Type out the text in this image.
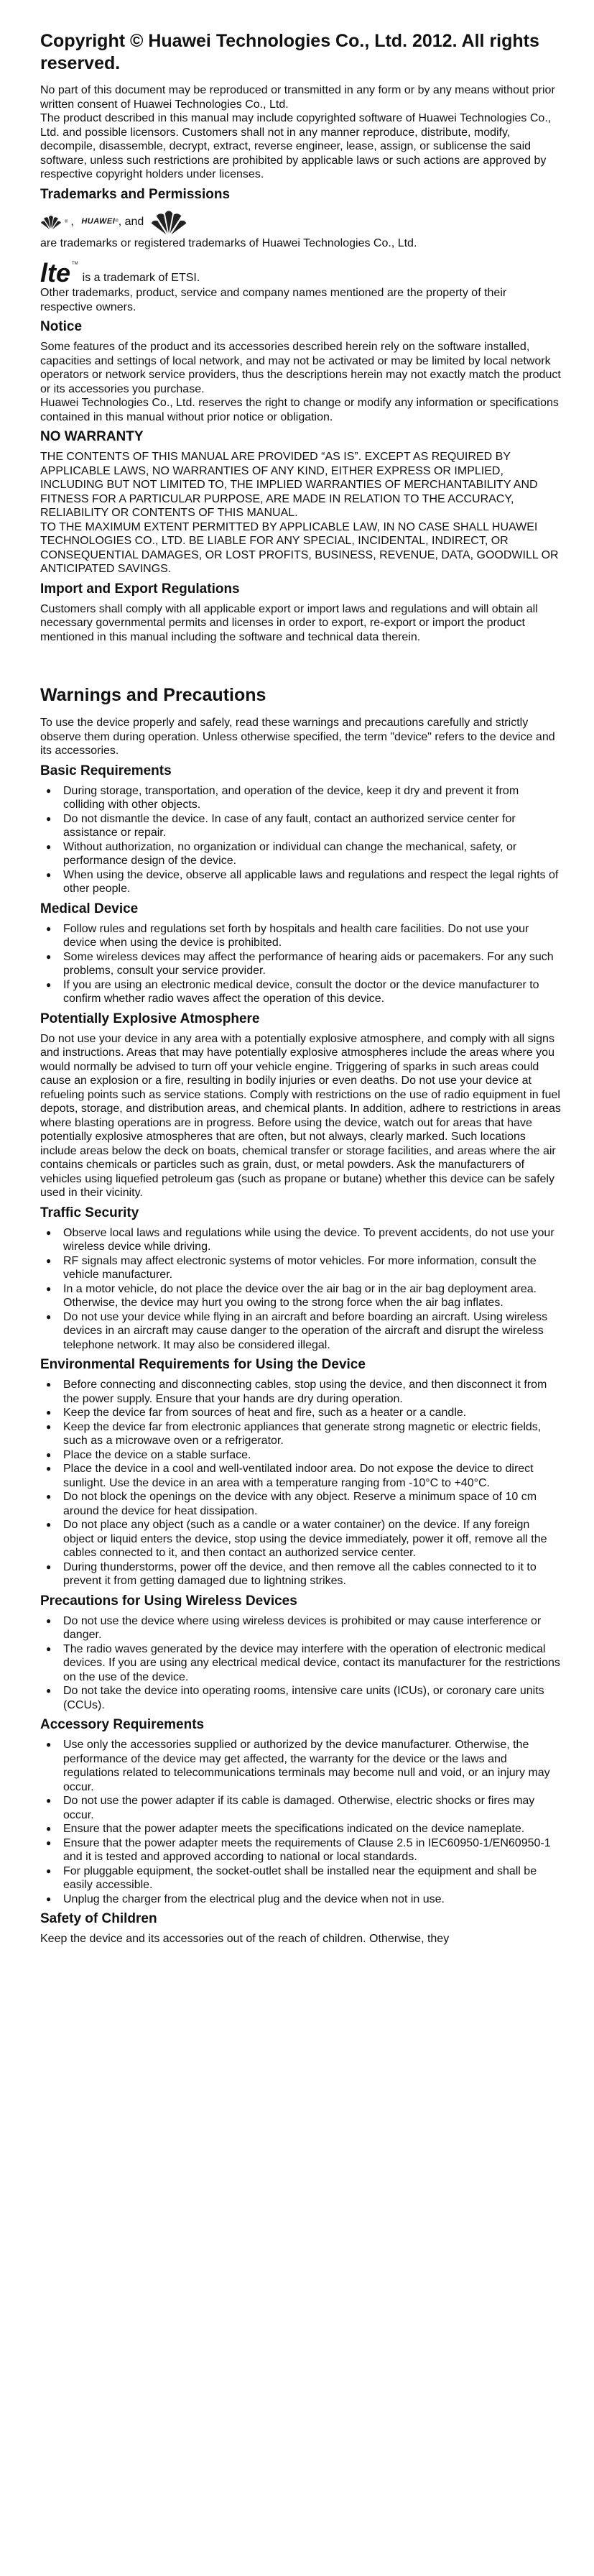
Copyright © Huawei Technologies Co., Ltd. 2012. All rights reserved.

No part of this document may be reproduced or transmitted in any form or by any means without prior written consent of Huawei Technologies Co., Ltd.

The product described in this manual may include copyrighted software of Huawei Technologies Co., Ltd. and possible licensors. Customers shall not in any manner reproduce, distribute, modify, decompile, disassemble, decrypt, extract, reverse engineer, lease, assign, or sublicense the said software, unless such restrictions are prohibited by applicable laws or such actions are approved by respective copyright holders under licenses.

Trademarks and Permissions
® , HUAWEI ® , and

are trademarks or registered trademarks of Huawei Technologies Co., Ltd.
lte TM
is a trademark of ETSI.

Other trademarks, product, service and company names mentioned are the property of their respective owners.

Notice

Some features of the product and its accessories described herein rely on the software installed, capacities and settings of local network, and may not be activated or may be limited by local network operators or network service providers, thus the descriptions herein may not exactly match the product or its accessories you purchase.

Huawei Technologies Co., Ltd. reserves the right to change or modify any information or specifications contained in this manual without prior notice or obligation.

NO WARRANTY

THE CONTENTS OF THIS MANUAL ARE PROVIDED “AS IS”. EXCEPT AS REQUIRED BY APPLICABLE LAWS, NO WARRANTIES OF ANY KIND, EITHER EXPRESS OR IMPLIED, INCLUDING BUT NOT LIMITED TO, THE IMPLIED WARRANTIES OF MERCHANTABILITY AND FITNESS FOR A PARTICULAR PURPOSE, ARE MADE IN RELATION TO THE ACCURACY, RELIABILITY OR CONTENTS OF THIS MANUAL.

TO THE MAXIMUM EXTENT PERMITTED BY APPLICABLE LAW, IN NO CASE SHALL HUAWEI TECHNOLOGIES CO., LTD. BE LIABLE FOR ANY SPECIAL, INCIDENTAL, INDIRECT, OR CONSEQUENTIAL DAMAGES, OR LOST PROFITS, BUSINESS, REVENUE, DATA, GOODWILL OR ANTICIPATED SAVINGS.

Import and Export Regulations

Customers shall comply with all applicable export or import laws and regulations and will obtain all necessary governmental permits and licenses in order to export, re-export or import the product mentioned in this manual including the software and technical data therein.

Warnings and Precautions

To use the device properly and safely, read these warnings and precautions carefully and strictly observe them during operation. Unless otherwise specified, the term "device" refers to the device and its accessories.

Basic Requirements
● During storage, transportation, and operation of the device, keep it dry and prevent it from colliding with other objects.
● Do not dismantle the device. In case of any fault, contact an authorized service center for assistance or repair.
● Without authorization, no organization or individual can change the mechanical, safety, or performance design of the device.
● When using the device, observe all applicable laws and regulations and respect the legal rights of other people.
Medical Device
● Follow rules and regulations set forth by hospitals and health care facilities. Do not use your device when using the device is prohibited.
● Some wireless devices may affect the performance of hearing aids or pacemakers. For any such problems, consult your service provider.
● If you are using an electronic medical device, consult the doctor or the device manufacturer to confirm whether radio waves affect the operation of this device.
Potentially Explosive Atmosphere

Do not use your device in any area with a potentially explosive atmosphere, and comply with all signs and instructions. Areas that may have potentially explosive atmospheres include the areas where you would normally be advised to turn off your vehicle engine. Triggering of sparks in such areas could cause an explosion or a fire, resulting in bodily injuries or even deaths. Do not use your device at refueling points such as service stations. Comply with restrictions on the use of radio equipment in fuel depots, storage, and distribution areas, and chemical plants. In addition, adhere to restrictions in areas where blasting operations are in progress. Before using the device, watch out for areas that have potentially explosive atmospheres that are often, but not always, clearly marked. Such locations include areas below the deck on boats, chemical transfer or storage facilities, and areas where the air contains chemicals or particles such as grain, dust, or metal powders. Ask the manufacturers of vehicles using liquefied petroleum gas (such as propane or butane) whether this device can be safely used in their vicinity.

Traffic Security
● Observe local laws and regulations while using the device. To prevent accidents, do not use your wireless device while driving.
● RF signals may affect electronic systems of motor vehicles. For more information, consult the vehicle manufacturer.
● In a motor vehicle, do not place the device over the air bag or in the air bag deployment area. Otherwise, the device may hurt you owing to the strong force when the air bag inflates.
● Do not use your device while flying in an aircraft and before boarding an aircraft. Using wireless devices in an aircraft may cause danger to the operation of the aircraft and disrupt the wireless telephone network. It may also be considered illegal.
Environmental Requirements for Using the Device
● Before connecting and disconnecting cables, stop using the device, and then disconnect it from the power supply. Ensure that your hands are dry during operation.
● Keep the device far from sources of heat and fire, such as a heater or a candle.
● Keep the device far from electronic appliances that generate strong magnetic or electric fields, such as a microwave oven or a refrigerator.
● Place the device on a stable surface.
● Place the device in a cool and well-ventilated indoor area. Do not expose the device to direct sunlight. Use the device in an area with a temperature ranging from -10°C to +40°C.
● Do not block the openings on the device with any object. Reserve a minimum space of 10 cm around the device for heat dissipation.
● Do not place any object (such as a candle or a water container) on the device. If any foreign object or liquid enters the device, stop using the device immediately, power it off, remove all the cables connected to it, and then contact an authorized service center.
● During thunderstorms, power off the device, and then remove all the cables connected to it to prevent it from getting damaged due to lightning strikes.
Precautions for Using Wireless Devices
● Do not use the device where using wireless devices is prohibited or may cause interference or danger.
● The radio waves generated by the device may interfere with the operation of electronic medical devices. If you are using any electrical medical device, contact its manufacturer for the restrictions on the use of the device.
● Do not take the device into operating rooms, intensive care units (ICUs), or coronary care units (CCUs).
Accessory Requirements
● Use only the accessories supplied or authorized by the device manufacturer. Otherwise, the performance of the device may get affected, the warranty for the device or the laws and regulations related to telecommunications terminals may become null and void, or an injury may occur.
● Do not use the power adapter if its cable is damaged. Otherwise, electric shocks or fires may occur.
● Ensure that the power adapter meets the specifications indicated on the device nameplate.
● Ensure that the power adapter meets the requirements of Clause 2.5 in IEC60950-1/EN60950-1 and it is tested and approved according to national or local standards.
● For pluggable equipment, the socket-outlet shall be installed near the equipment and shall be easily accessible.
● Unplug the charger from the electrical plug and the device when not in use.
Safety of Children

Keep the device and its accessories out of the reach of children. Otherwise, they
